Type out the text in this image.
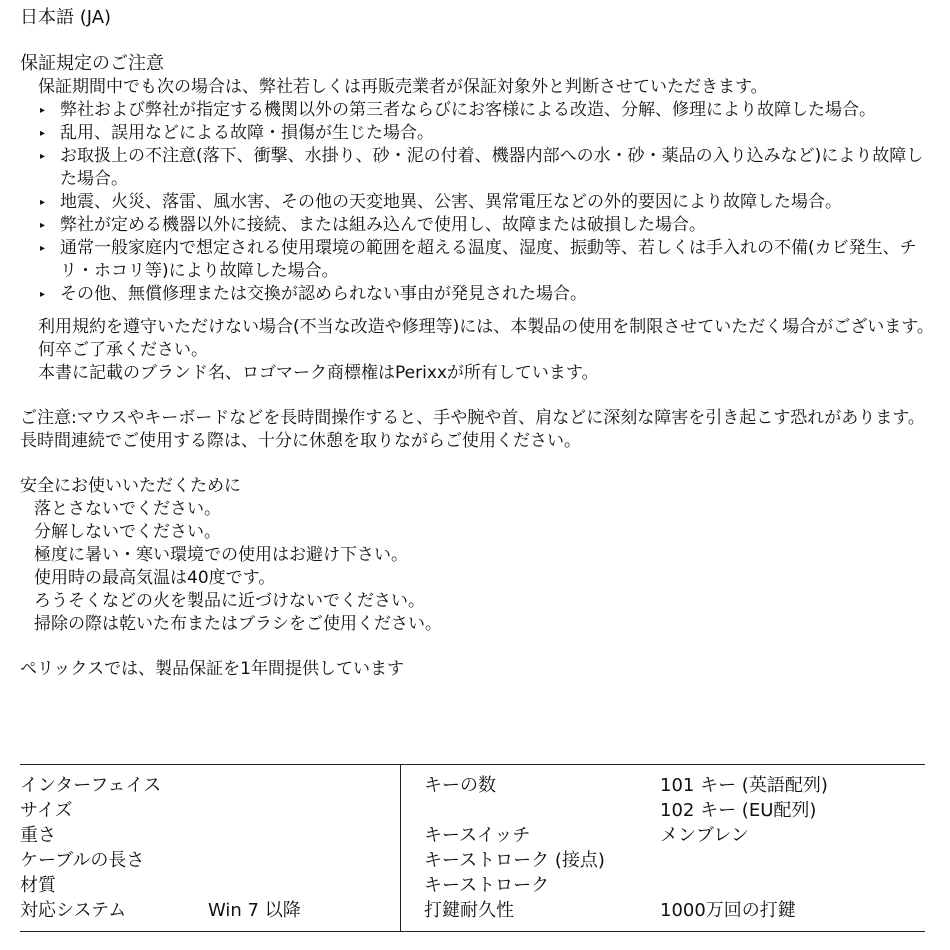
日本語 (JA)
保証規定のご注意
保証期間中でも次の場合は、弊社若しくは再販売業者が保証対象外と判断させていただきます。
▸ 弊社および弊社が指定する機関以外の第三者ならびにお客様による改造、分解、修理により故障した場合。
▸ 乱用、誤用などによる故障・損傷が生じた場合。
▸ お取扱上の不注意(落下、衝撃、水掛り、砂・泥の付着、機器内部への水・砂・薬品の入り込みなど)により故障した場合。
▸ 地震、火災、落雷、風水害、その他の天変地異、公害、異常電圧などの外的要因により故障した場合。
▸ 弊社が定める機器以外に接続、または組み込んで使用し、故障または破損した場合。
▸ 通常一般家庭内で想定される使用環境の範囲を超える温度、湿度、振動等、若しくは手入れの不備(カビ発生、チリ・ホコリ等)により故障した場合。
▸ その他、無償修理または交換が認められない事由が発見された場合。
利用規約を遵守いただけない場合(不当な改造や修理等)には、本製品の使用を制限させていただく場合がございます。何卒ご了承ください。
本書に記載のブランド名、ロゴマーク商標権はPerixxが所有しています。
ご注意:マウスやキーボードなどを長時間操作すると、手や腕や首、肩などに深刻な障害を引き起こす恐れがあります。長時間連続でご使用する際は、十分に休憩を取りながらご使用ください。
安全にお使いいただくために
落とさないでください。
分解しないでください。
極度に暑い・寒い環境での使用はお避け下さい。
使用時の最高気温は40度です。
ろうそくなどの火を製品に近づけないでください。
掃除の際は乾いた布またはブラシをご使用ください。
ペリックスでは、製品保証を1年間提供しています
インターフェイス
サイズ
重さ
ケーブルの長さ
材質
対応システム	Win 7 以降
キーの数
キースイッチ
キーストローク (接点)
キーストローク
打鍵耐久性
101 キー (英語配列)
102 キー (EU配列)
メンブレン
1000万回の打鍵
